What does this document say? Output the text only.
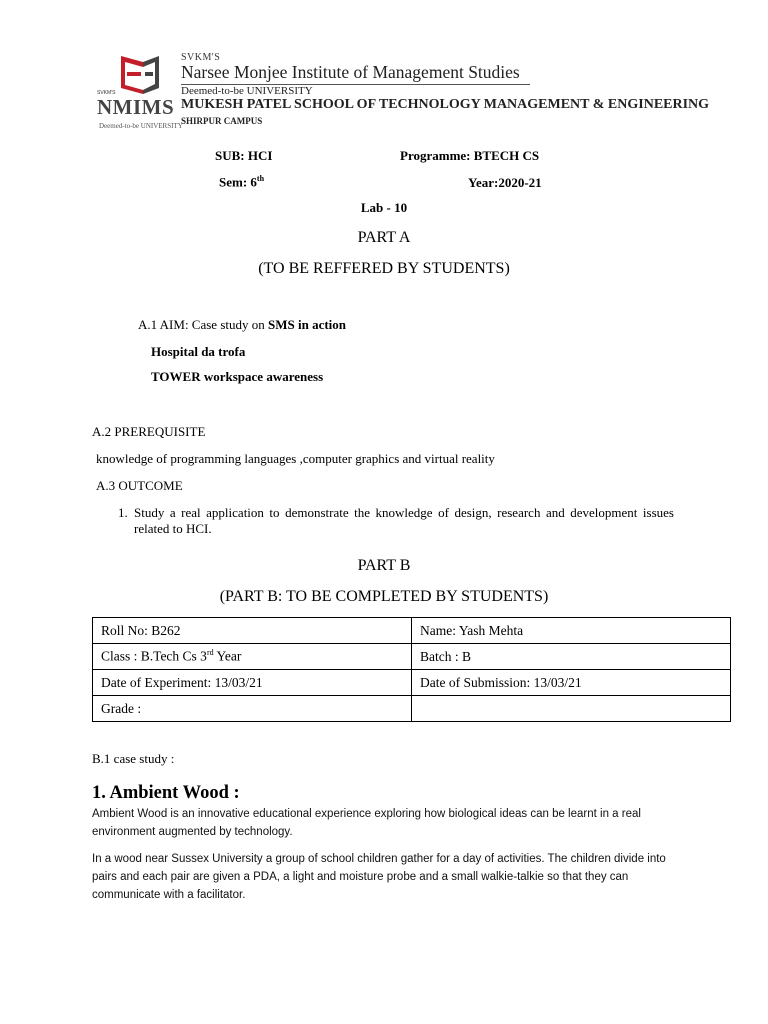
SVKM'S
NMIMS
Deemed-to-be UNIVERSITY
SVKM'S
Narsee Monjee Institute of Management Studies
Deemed-to-be UNIVERSITY
MUKESH PATEL SCHOOL OF TECHNOLOGY MANAGEMENT & ENGINEERING
SHIRPUR CAMPUS
SUB: HCI	Programme: BTECH CS
Sem: 6th	Year:2020-21
Lab - 10
PART A
(TO BE REFFERED BY STUDENTS)
A.1 AIM: Case study on SMS in action
Hospital da trofa
TOWER workspace awareness
A.2 PREREQUISITE
knowledge of programming languages ,computer graphics and virtual reality
A.3 OUTCOME
1. Study a real application to demonstrate the knowledge of design, research and development issues related to HCI.
PART B
(PART B: TO BE COMPLETED BY STUDENTS)
Roll No: B262	Name: Yash Mehta
Class : B.Tech Cs 3rd Year	Batch : B
Date of Experiment: 13/03/21	Date of Submission: 13/03/21
Grade :	
B.1 case study :
1. Ambient Wood :
Ambient Wood is an innovative educational experience exploring how biological ideas can be learnt in a real environment augmented by technology.
In a wood near Sussex University a group of school children gather for a day of activities. The children divide into pairs and each pair are given a PDA, a light and moisture probe and a small walkie-talkie so that they can communicate with a facilitator.
